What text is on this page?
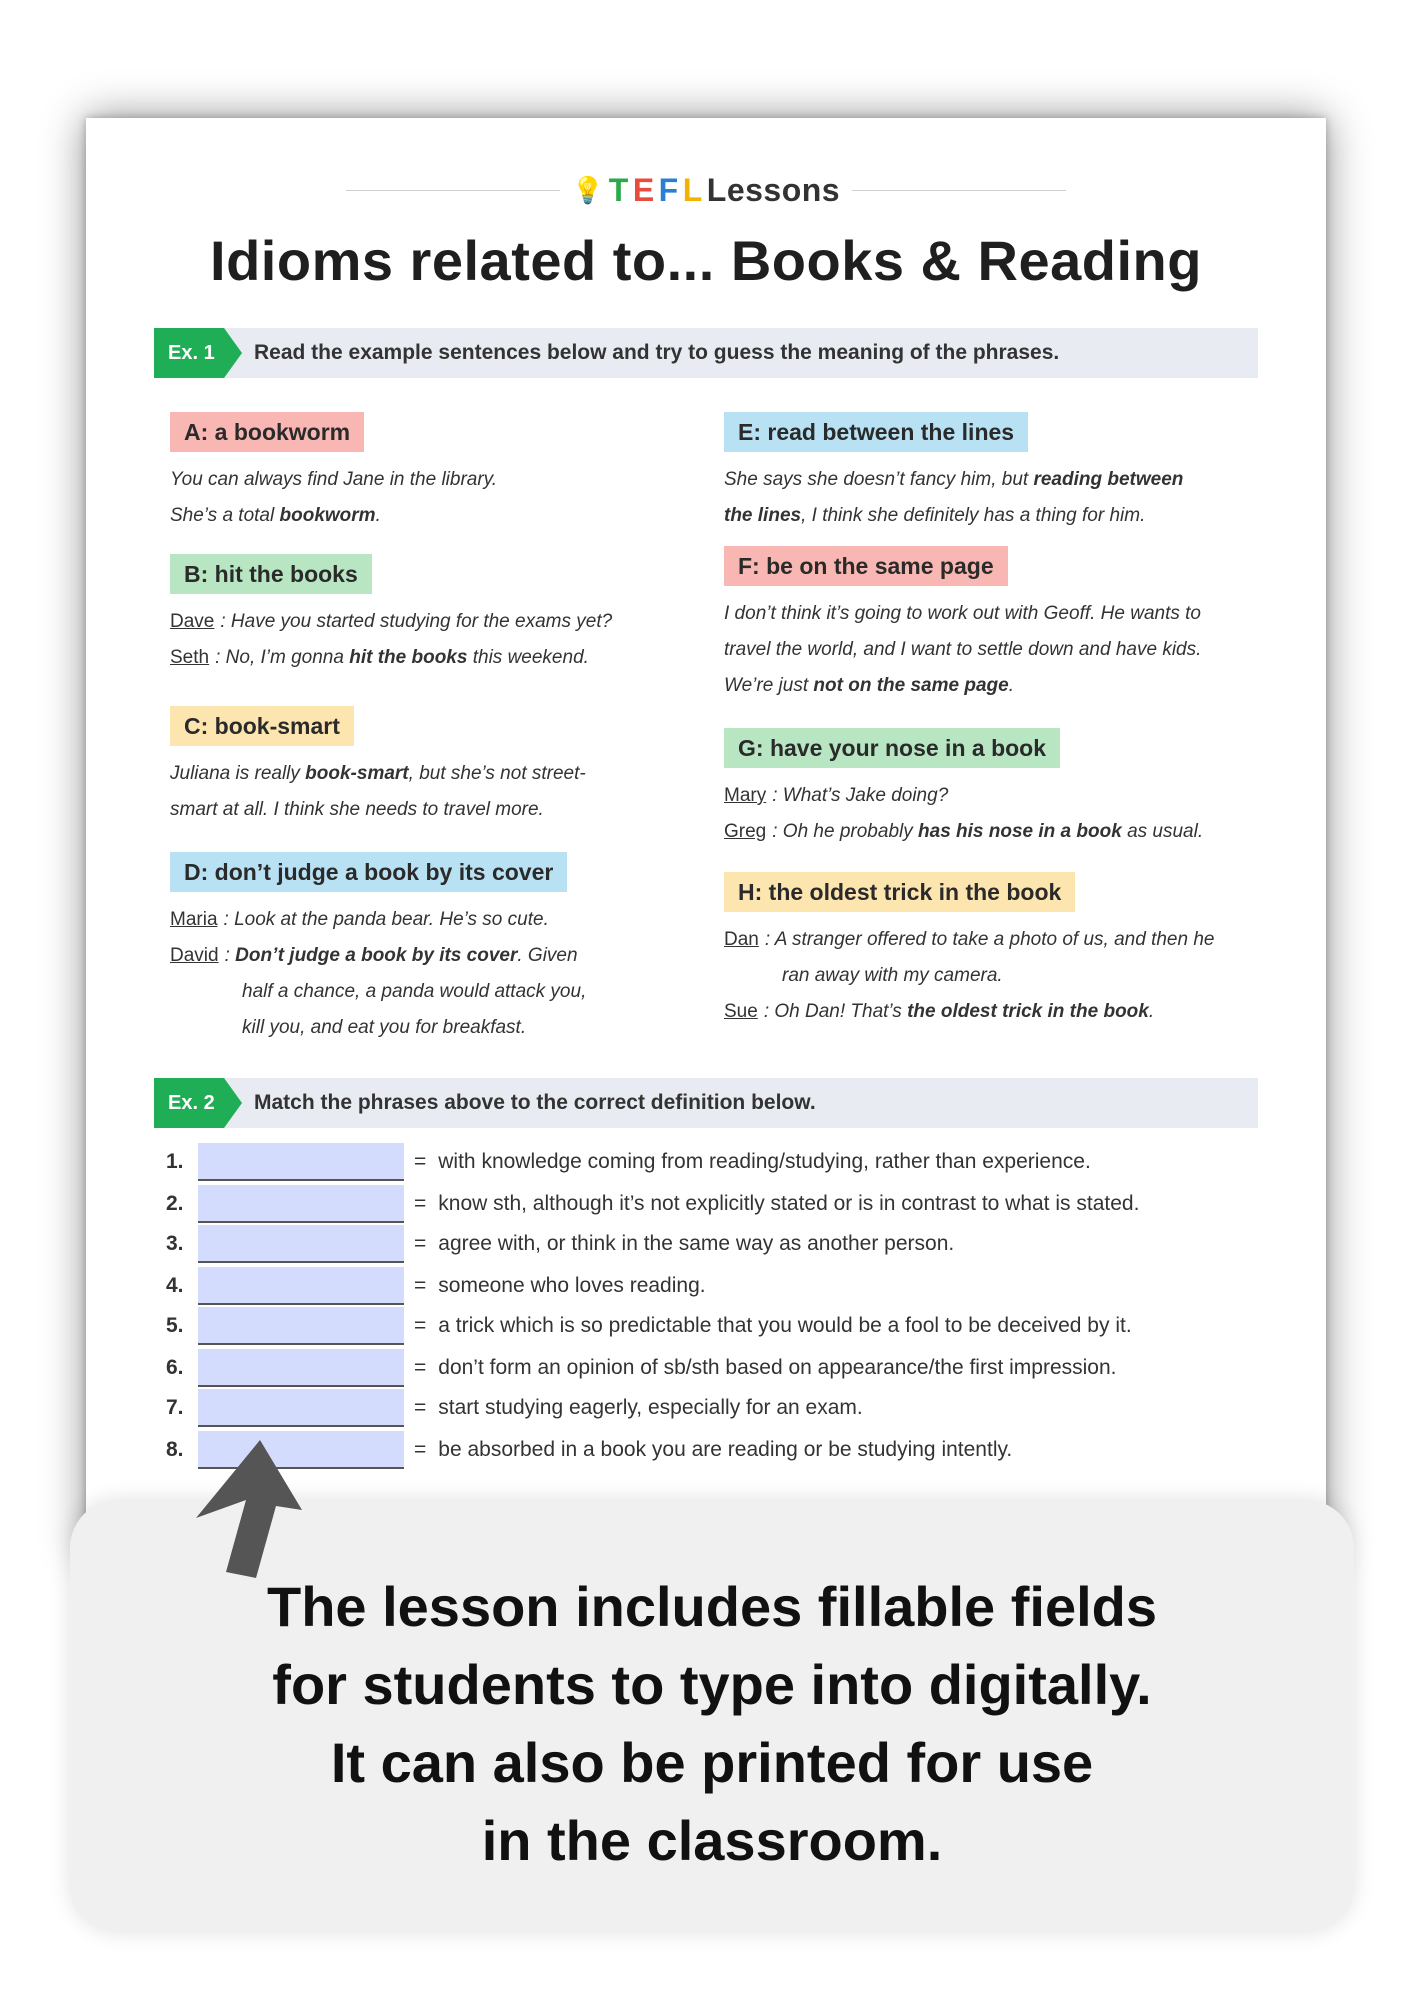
💡 T E F L Lessons
Idioms related to... Books & Reading
Ex. 1	Read the example sentences below and try to guess the meaning of the phrases.
A: a bookworm
You can always find Jane in the library.
She’s a total bookworm.
B: hit the books
Dave : Have you started studying for the exams yet?
Seth : No, I’m gonna hit the books this weekend.
C: book-smart
Juliana is really book-smart, but she’s not street-
smart at all. I think she needs to travel more.
D: don’t judge a book by its cover
Maria : Look at the panda bear. He’s so cute.
David : Don’t judge a book by its cover. Given
half a chance, a panda would attack you,
kill you, and eat you for breakfast.
E: read between the lines
She says she doesn’t fancy him, but reading between
the lines, I think she definitely has a thing for him.
F: be on the same page
I don’t think it’s going to work out with Geoff. He wants to
travel the world, and I want to settle down and have kids.
We’re just not on the same page.
G: have your nose in a book
Mary : What’s Jake doing?
Greg : Oh he probably has his nose in a book as usual.
H: the oldest trick in the book
Dan : A stranger offered to take a photo of us, and then he
ran away with my camera.
Sue : Oh Dan! That’s the oldest trick in the book.
Ex. 2	Match the phrases above to the correct definition below.
1.	= with knowledge coming from reading/studying, rather than experience.
2.	= know sth, although it’s not explicitly stated or is in contrast to what is stated.
3.	= agree with, or think in the same way as another person.
4.	= someone who loves reading.
5.	= a trick which is so predictable that you would be a fool to be deceived by it.
6.	= don’t form an opinion of sb/sth based on appearance/the first impression.
7.	= start studying eagerly, especially for an exam.
8.	= be absorbed in a book you are reading or be studying intently.
The lesson includes fillable fields
for students to type into digitally.
It can also be printed for use
in the classroom.
